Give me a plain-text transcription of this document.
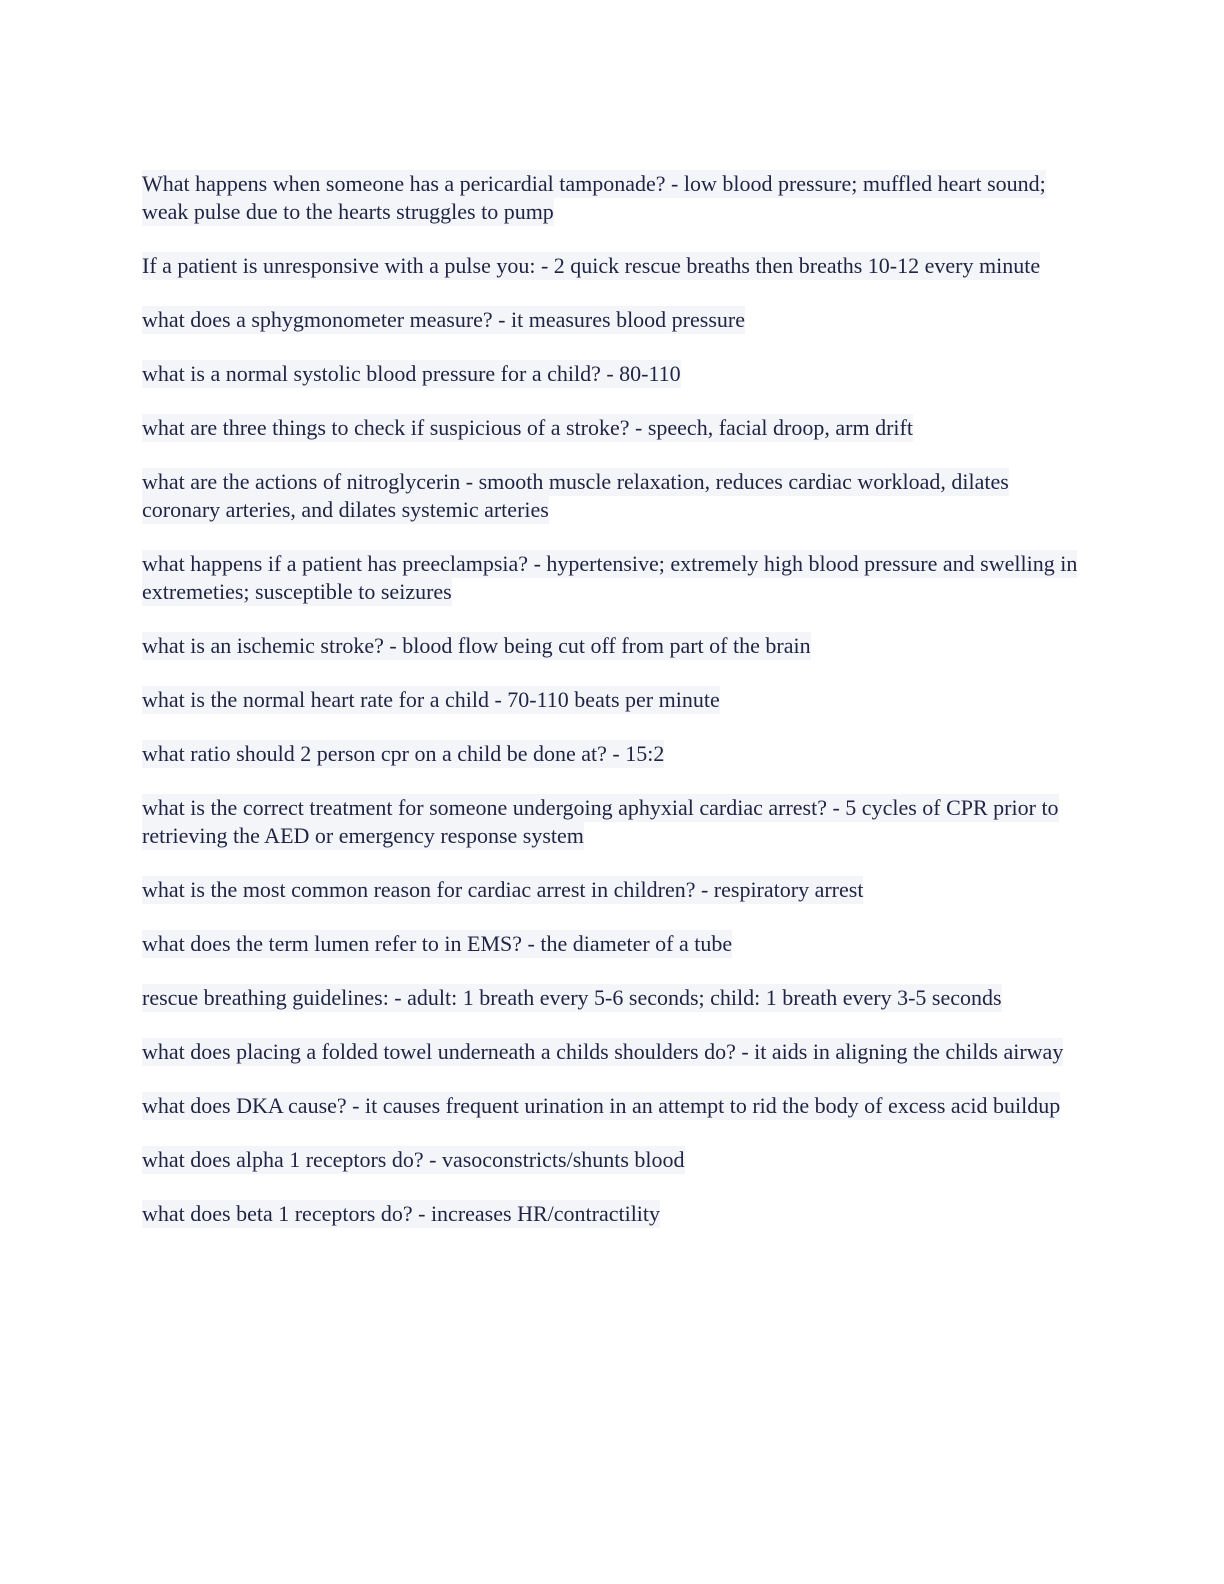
What happens when someone has a pericardial tamponade? - low blood pressure; muffled heart sound; weak pulse due to the hearts struggles to pump

If a patient is unresponsive with a pulse you: - 2 quick rescue breaths then breaths 10-12 every minute

what does a sphygmonometer measure? - it measures blood pressure

what is a normal systolic blood pressure for a child? - 80-110

what are three things to check if suspicious of a stroke? - speech, facial droop, arm drift

what are the actions of nitroglycerin - smooth muscle relaxation, reduces cardiac workload, dilates coronary arteries, and dilates systemic arteries

what happens if a patient has preeclampsia? - hypertensive; extremely high blood pressure and swelling in extremeties; susceptible to seizures

what is an ischemic stroke? - blood flow being cut off from part of the brain

what is the normal heart rate for a child - 70-110 beats per minute

what ratio should 2 person cpr on a child be done at? - 15:2

what is the correct treatment for someone undergoing aphyxial cardiac arrest? - 5 cycles of CPR prior to retrieving the AED or emergency response system

what is the most common reason for cardiac arrest in children? - respiratory arrest

what does the term lumen refer to in EMS? - the diameter of a tube

rescue breathing guidelines: - adult: 1 breath every 5-6 seconds; child: 1 breath every 3-5 seconds

what does placing a folded towel underneath a childs shoulders do? - it aids in aligning the childs airway

what does DKA cause? - it causes frequent urination in an attempt to rid the body of excess acid buildup

what does alpha 1 receptors do? - vasoconstricts/shunts blood

what does beta 1 receptors do? - increases HR/contractility
